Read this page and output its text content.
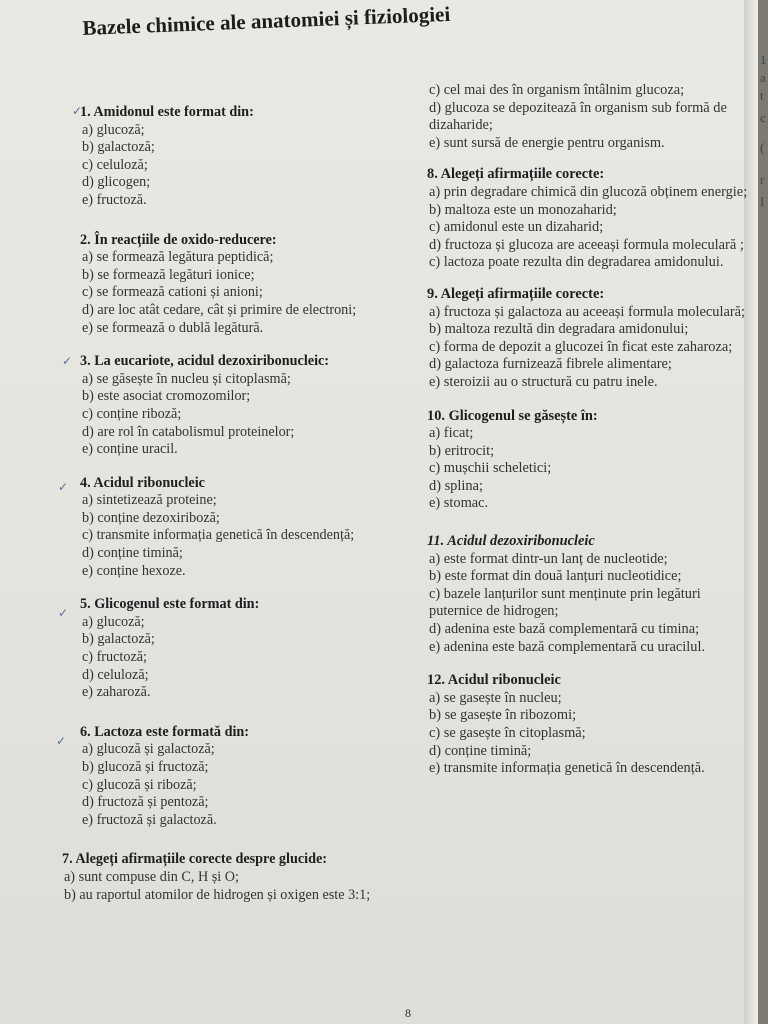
Bazele chimice ale anatomiei și fiziologiei
1. Amidonul este format din:
a) glucoză;
b) galactoză;
c) celuloză;
d) glicogen;
e) fructoză.
2. În reacțiile de oxido-reducere:
a) se formează legătura peptidică;
b) se formează legături ionice;
c) se formează cationi și anioni;
d) are loc atât cedare, cât și primire de electroni;
e) se formează o dublă legătură.
3. La eucariote, acidul dezoxiribonucleic:
a) se găsește în nucleu și citoplasmă;
b) este asociat cromozomilor;
c) conține riboză;
d) are rol în catabolismul proteinelor;
e) conține uracil.
4. Acidul ribonucleic
a) sintetizează proteine;
b) conține dezoxiriboză;
c) transmite informația genetică în descendență;
d) conține timină;
e) conține hexoze.
5. Glicogenul este format din:
a) glucoză;
b) galactoză;
c) fructoză;
d) celuloză;
e) zaharoză.
6. Lactoza este formată din:
a) glucoză și galactoză;
b) glucoză și fructoză;
c) glucoză și riboză;
d) fructoză și pentoză;
e) fructoză și galactoză.
7. Alegeți afirmațiile corecte despre glucide:
a) sunt compuse din C, H și O;
b) au raportul atomilor de hidrogen și oxigen este 3:1;
c) cel mai des în organism întâlnim glucoza;
d) glucoza se depozitează în organism sub formă de dizaharide;
e) sunt sursă de energie pentru organism.
8. Alegeți afirmațiile corecte:
a) prin degradare chimică din glucoză obținem energie;
b) maltoza este un monozaharid;
c) amidonul este un dizaharid;
d) fructoza și glucoza are aceeași formula moleculară ;
c) lactoza poate rezulta din degradarea amidonului.
9. Alegeți afirmațiile corecte:
a) fructoza și galactoza au aceeași formula moleculară;
b) maltoza rezultă din degradara amidonului;
c) forma de depozit a glucozei în ficat este zaharoza;
d) galactoza furnizează fibrele alimentare;
e) steroizii au o structură cu patru inele.
10. Glicogenul se găsește în:
a) ficat;
b) eritrocit;
c) mușchii scheletici;
d) splina;
e) stomac.
11. Acidul dezoxiribonucleic
a) este format dintr-un lanț de nucleotide;
b) este format din două lanțuri nucleotidice;
c) bazele lanțurilor sunt menținute prin legături puternice de hidrogen;
d) adenina este bază complementară cu timina;
e) adenina este bază complementară cu uracilul.
12. Acidul ribonucleic
a) se gasește în nucleu;
b) se gasește în ribozomi;
c) se gasește în citoplasmă;
d) conține timină;
e) transmite informația genetică în descendență.
✓
✓
✓
✓
✓
8
1
a
t
c
(
r
I
